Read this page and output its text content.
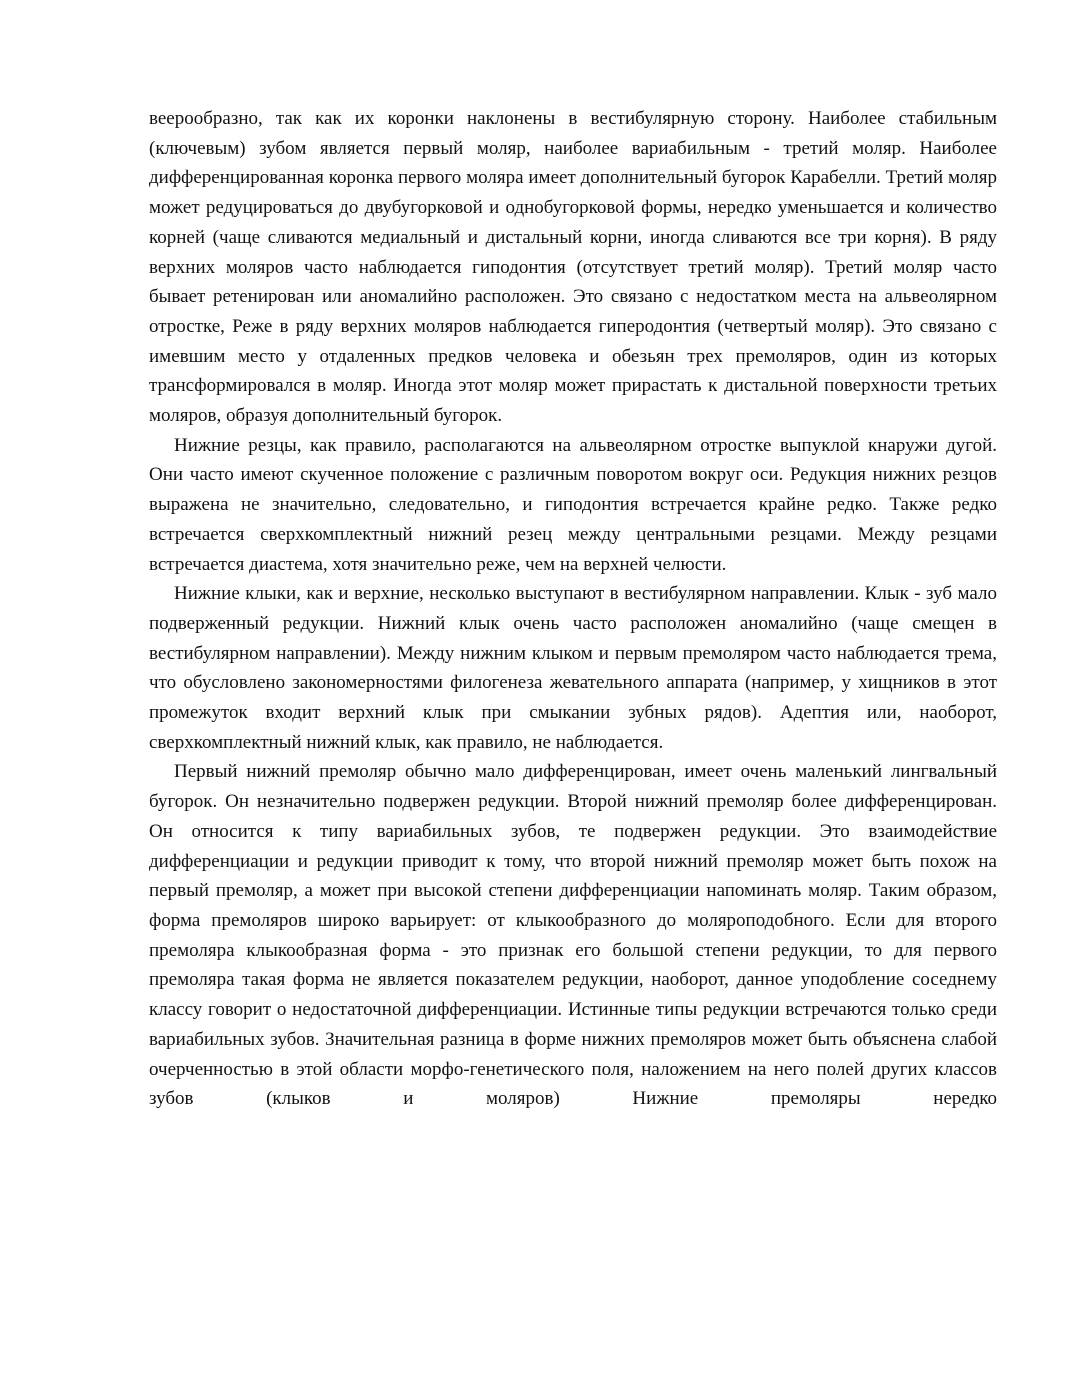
веерообразно, так как их коронки наклонены в вестибулярную сторону. Наиболее стабильным (ключевым) зубом является первый моляр, наиболее вариабильным - третий моляр. Наиболее дифференцированная коронка первого моляра имеет дополнительный бугорок Карабелли. Третий моляр может редуцироваться до двубугорковой и однобугорковой формы, нередко уменьшается и количество корней (чаще сливаются медиальный и дистальный корни, иногда сливаются все три корня). В ряду верхних моляров часто наблюдается гиподонтия (отсутствует третий моляр). Третий моляр часто бывает ретенирован или аномалийно расположен. Это связано с недостатком места на альвеолярном отростке, Реже в ряду верхних моляров наблюдается гиперодонтия (четвертый моляр). Это связано с имевшим место у отдаленных предков человека и обезьян трех премоляров, один из которых трансформировался в моляр. Иногда этот моляр может прирастать к дистальной поверхности третьих моляров, образуя дополнительный бугорок.

Нижние резцы, как правило, располагаются на альвеолярном отростке выпуклой кнаружи дугой. Они часто имеют скученное положение с различным поворотом вокруг оси. Редукция нижних резцов выражена не значительно, следовательно, и гиподонтия встречается крайне редко. Также редко встречается сверхкомплектный нижний резец между центральными резцами. Между резцами встречается диастема, хотя значительно реже, чем на верхней челюсти.

Нижние клыки, как и верхние, несколько выступают в вестибулярном направлении. Клык - зуб мало подверженный редукции. Нижний клык очень часто расположен аномалийно (чаще смещен в вестибулярном направлении). Между нижним клыком и первым премоляром часто наблюдается трема, что обусловлено закономерностями филогенеза жевательного аппарата (например, у хищников в этот промежуток входит верхний клык при смыкании зубных рядов). Адептия или, наоборот, сверхкомплектный нижний клык, как правило, не наблюдается.

Первый нижний премоляр обычно мало дифференцирован, имеет очень маленький лингвальный бугорок. Он незначительно подвержен редукции. Второй нижний премоляр более дифференцирован. Он относится к типу вариабильных зубов, те подвержен редукции. Это взаимодействие дифференциации и редукции приводит к тому, что второй нижний премоляр может быть похож на первый премоляр, а может при высокой степени дифференциации напоминать моляр. Таким образом, форма премоляров широко варьирует: от клыкообразного до моляроподобного. Если для второго премоляра клыкообразная форма - это признак его большой степени редукции, то для первого премоляра такая форма не является показателем редукции, наоборот, данное уподобление соседнему классу говорит о недостаточной дифференциации. Истинные типы редукции встречаются только среди вариабильных зубов. Значительная разница в форме нижних премоляров может быть объяснена слабой очерченностью в этой области морфо-генетического поля, наложением на него полей других классов зубов (клыков и моляров) Нижние премоляры нередко
